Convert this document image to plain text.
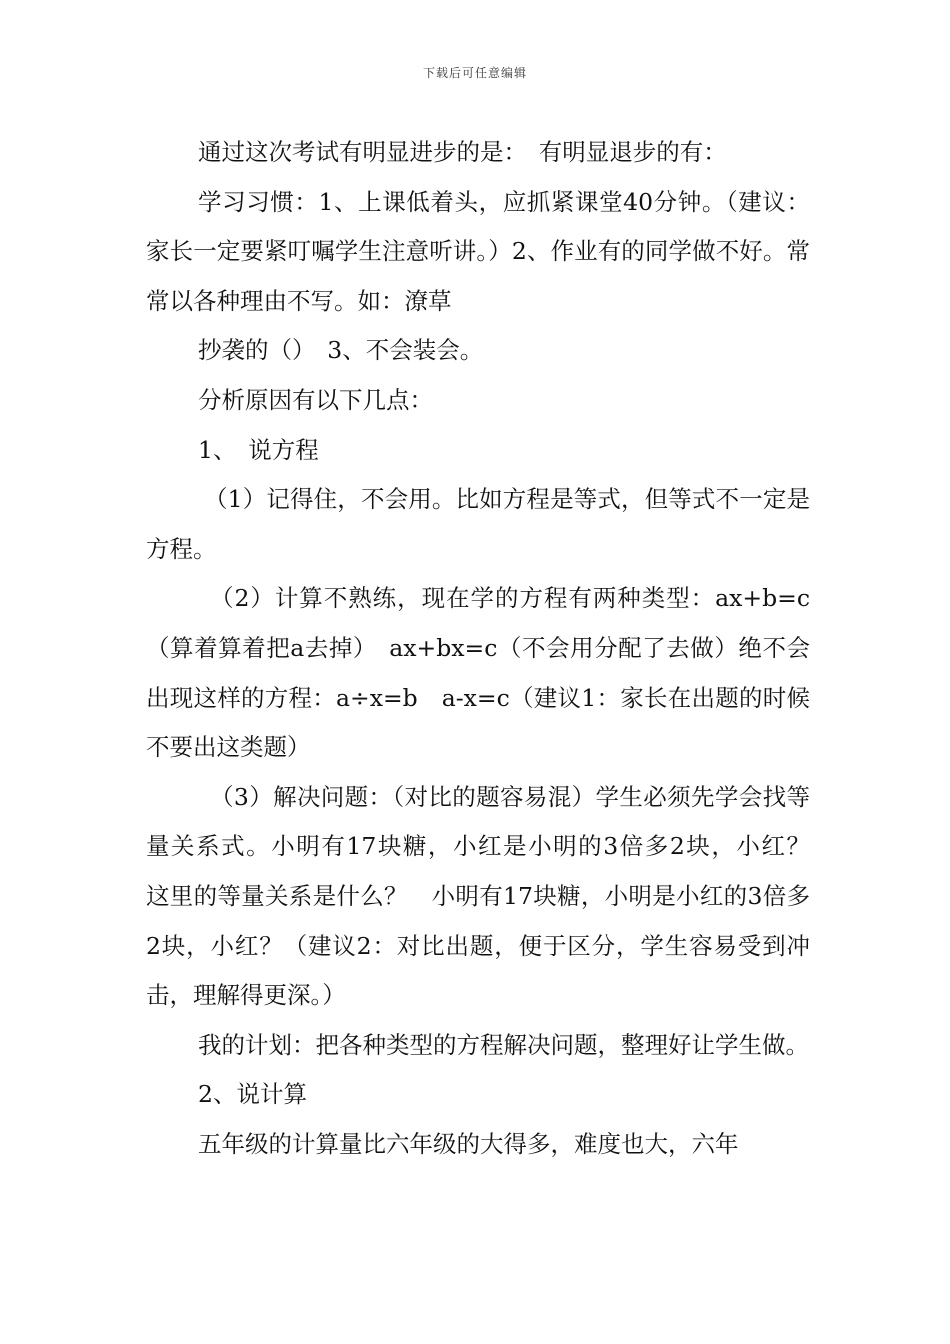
下载后可任意编辑

通过这次考试有明显进步的是：　有明显退步的有：

学习习惯：1、上课低着头，应抓紧课堂40分钟。（建议：家长一定要紧叮嘱学生注意听讲。）2、作业有的同学做不好。常常以各种理由不写。如：潦草

抄袭的（）　3、不会装会。

分析原因有以下几点：

1、　说方程

（1）记得住，不会用。比如方程是等式，但等式不一定是方程。

（2）计算不熟练，现在学的方程有两种类型：ax+b=c（算着算着把a去掉）　ax+bx=c（不会用分配了去做）绝不会出现这样的方程：a÷x=b　a-x=c（建议1：家长在出题的时候不要出这类题）

（3）解决问题：（对比的题容易混）学生必须先学会找等量关系式。小明有17块糖，小红是小明的3倍多2块，小红？　这里的等量关系是什么？　小明有17块糖，小明是小红的3倍多2块，小红？（建议2：对比出题，便于区分，学生容易受到冲击，理解得更深。）

我的计划：把各种类型的方程解决问题，整理好让学生做。

2、说计算

五年级的计算量比六年级的大得多，难度也大，六年
